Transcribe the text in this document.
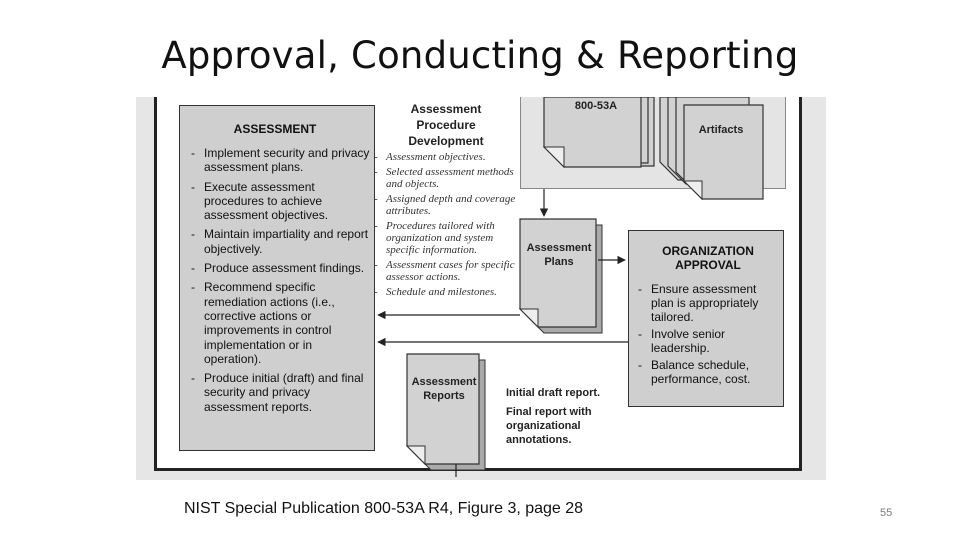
Approval, Conducting & Reporting
ASSESSMENT
- Implement security and privacy assessment plans.
- Execute assessment procedures to achieve assessment objectives.
- Maintain impartiality and report objectively.
- Produce assessment findings.
- Recommend specific remediation actions (i.e., corrective actions or improvements in control implementation or in operation).
- Produce initial (draft) and final security and privacy assessment reports.
Assessment Procedure Development
- Assessment objectives.
- Selected assessment methods and objects.
- Assigned depth and coverage attributes.
- Procedures tailored with organization and system specific information.
- Assessment cases for specific assessor actions.
- Schedule and milestones.
ORGANIZATION APPROVAL
- Ensure assessment plan is appropriately tailored.
- Involve senior leadership.
- Balance schedule, performance, cost.
800-53A
Artifacts
Assessment Plans
Assessment Reports	Initial draft report.
Final report with organizational annotations.
NIST Special Publication 800-53A R4, Figure 3, page 28	55
